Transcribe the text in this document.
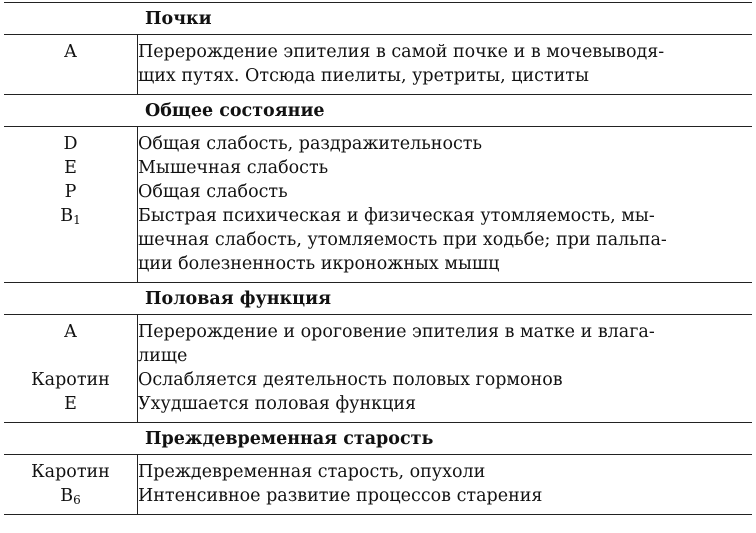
Почки	
A	Перерождение эпителия в самой почке и в мочевыводя-
щих путях. Отсюда пиелиты, уретриты, циститы

Общее состояние	
D	Общая слабость, раздражительность

E	Мышечная слабость

P	Общая слабость

$B_1$	Быстрая психическая и физическая утомляемость, мы-
шечная слабость, утомляемость при ходьбе; при пальпа-
ции болезненность икроножных мышц

Половая функция	
A	Перерождение и ороговение эпителия в матке и влага-
лище

Каротин	Ослабляется деятельность половых гормонов

E	Ухудшается половая функция

Преждевременная старость	
Каротин	Преждевременная старость, опухоли

$B_6$	Интенсивное развитие процессов старения
